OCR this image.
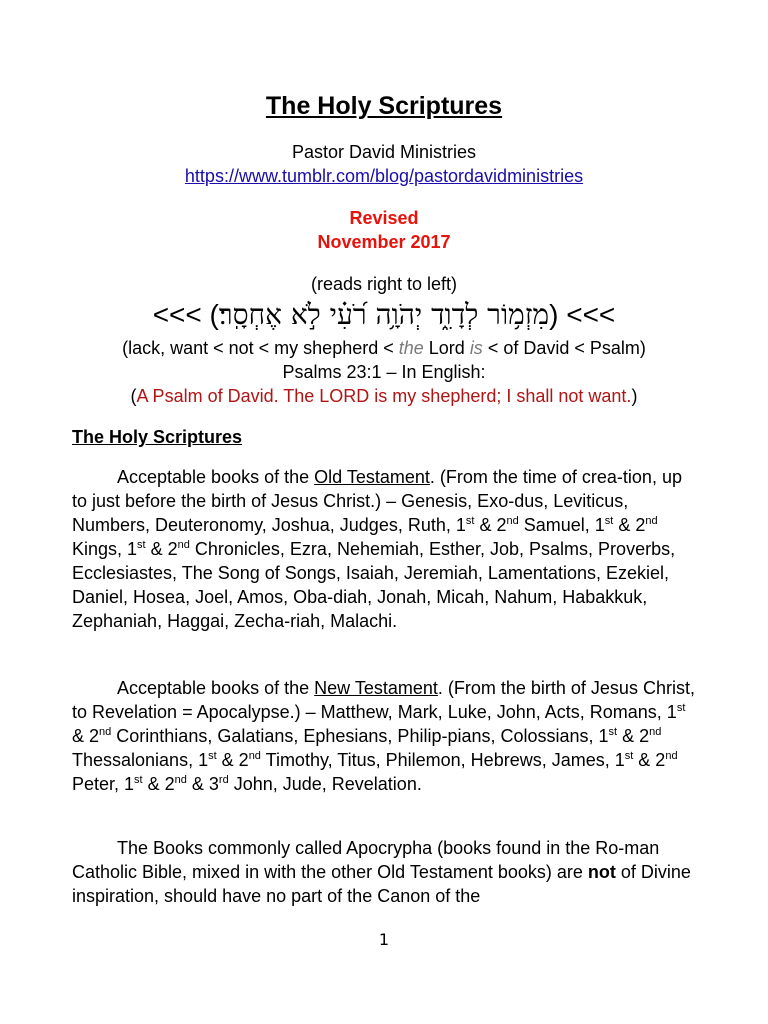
The Holy Scriptures

Pastor David Ministries

https://www.tumblr.com/blog/pastordavidministries

Revised

November 2017

(reads right to left)

<<< (מִזְמ֥וֹר לְדָוִ֑ד יְהֹוָ֥ה רֹ֝עִ֗י לֹ֣א אֶחְסָֽר׃) <<<

(lack, want < not < my shepherd < the Lord is < of David < Psalm)

Psalms 23:1 – In English:

(A Psalm of David. The LORD is my shepherd; I shall not want.)

The Holy Scriptures

Acceptable books of the Old Testament. (From the time of crea-tion, up to just before the birth of Jesus Christ.) – Genesis, Exo-dus, Leviticus, Numbers, Deuteronomy, Joshua, Judges, Ruth, 1st & 2nd Samuel, 1st & 2nd Kings, 1st & 2nd Chronicles, Ezra, Nehemiah, Esther, Job, Psalms, Proverbs, Ecclesiastes, The Song of Songs, Isaiah, Jeremiah, Lamentations, Ezekiel, Daniel, Hosea, Joel, Amos, Oba-diah, Jonah, Micah, Nahum, Habakkuk, Zephaniah, Haggai, Zecha-riah, Malachi.

Acceptable books of the New Testament. (From the birth of Jesus Christ, to Revelation = Apocalypse.) – Matthew, Mark, Luke, John, Acts, Romans, 1st & 2nd Corinthians, Galatians, Ephesians, Philip-pians, Colossians, 1st & 2nd Thessalonians, 1st & 2nd Timothy, Titus, Philemon, Hebrews, James, 1st & 2nd Peter, 1st & 2nd & 3rd John, Jude, Revelation.

The Books commonly called Apocrypha (books found in the Ro-man Catholic Bible, mixed in with the other Old Testament books) are not of Divine inspiration, should have no part of the Canon of the

1
